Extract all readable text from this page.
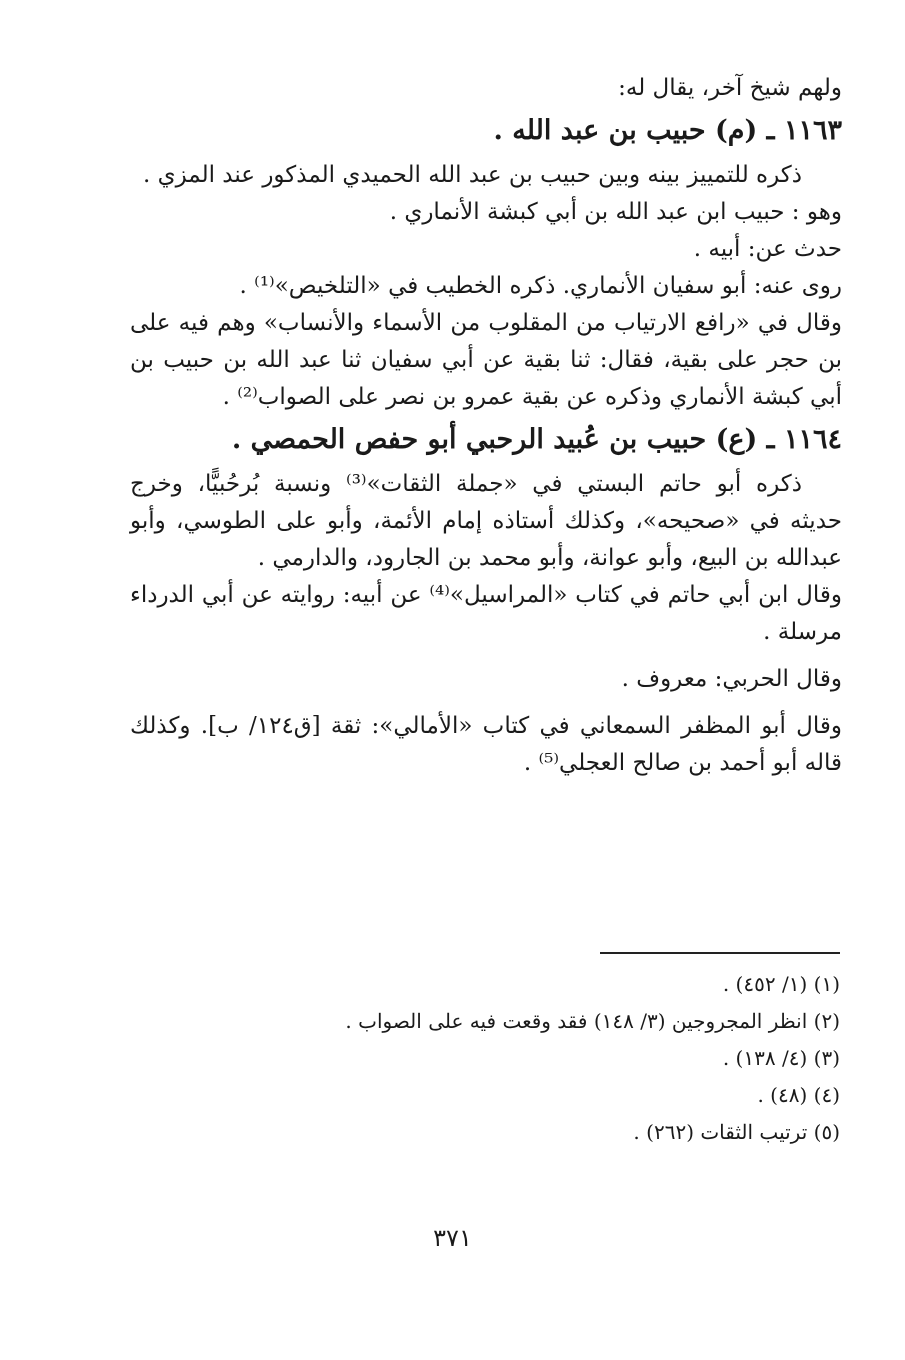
ولهم شيخ آخر، يقال له:
١١٦٣ ـ (م) حبيب بن عبد الله .
ذكره للتمييز بينه وبين حبيب بن عبد الله الحميدي المذكور عند المزي .
وهو : حبيب ابن عبد الله بن أبي كبشة الأنماري .
حدث عن: أبيه .
روى عنه: أبو سفيان الأنماري. ذكره الخطيب في «التلخيص»⁽¹⁾ .
وقال في «رافع الارتياب من المقلوب من الأسماء والأنساب» وهم فيه على
بن حجر على بقية، فقال: ثنا بقية عن أبي سفيان ثنا عبد الله بن حبيب بن
أبي كبشة الأنماري وذكره عن بقية عمرو بن نصر على الصواب⁽²⁾ .
١١٦٤ ـ (ع) حبيب بن عُبيد الرحبي أبو حفص الحمصي .
ذكره أبو حاتم البستي في «جملة الثقات»⁽³⁾ ونسبة بُرحُبيًّا، وخرج
حديثه في «صحيحه»، وكذلك أستاذه إمام الأئمة، وأبو على الطوسي، وأبو
عبدالله بن البيع، وأبو عوانة، وأبو محمد بن الجارود، والدارمي .
وقال ابن أبي حاتم في كتاب «المراسيل»⁽⁴⁾ عن أبيه: روايته عن أبي الدرداء
مرسلة .
وقال الحربي: معروف .
وقال أبو المظفر السمعاني في كتاب «الأمالي»: ثقة [ق١٢٤/ ب]. وكذلك
قاله أبو أحمد بن صالح العجلي⁽⁵⁾ .
(١) (١/ ٤٥٢) .
(٢) انظر المجروجين (٣/ ١٤٨) فقد وقعت فيه على الصواب .
(٣) (٤/ ١٣٨) .
(٤) (٤٨) .
(٥) ترتيب الثقات (٢٦٢) .
٣٧١
